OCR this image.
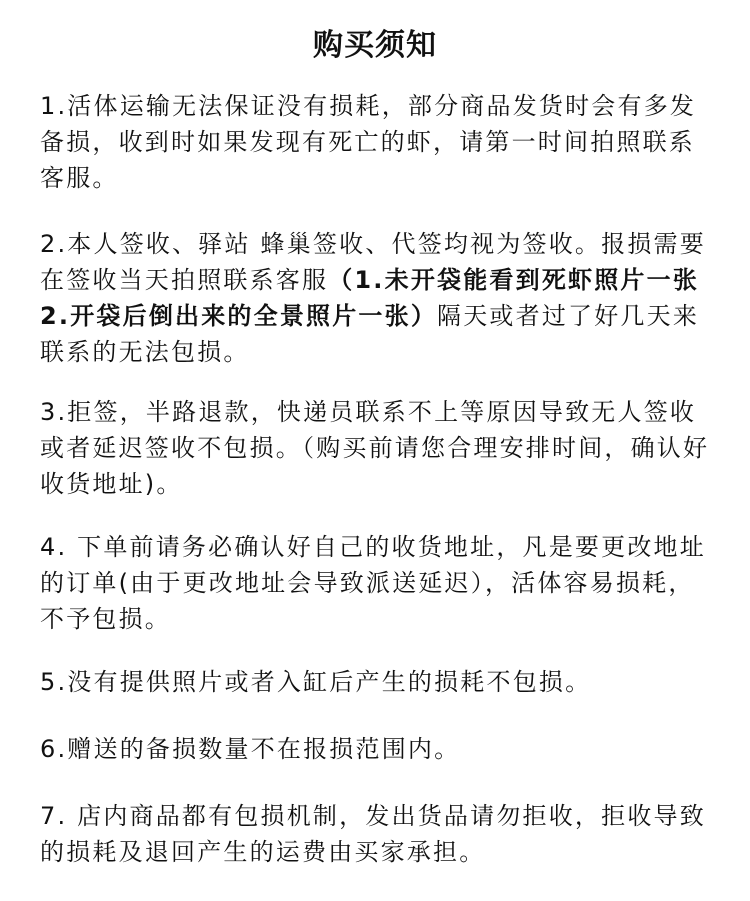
购买须知
1.活体运输无法保证没有损耗，部分商品发货时会有多发备损，收到时如果发现有死亡的虾，请第一时间拍照联系客服。
2.本人签收、驿站 蜂巢签收、代签均视为签收。报损需要在签收当天拍照联系客服（1.未开袋能看到死虾照片一张 2.开袋后倒出来的全景照片一张）隔天或者过了好几天来联系的无法包损。
3.拒签，半路退款，快递员联系不上等原因导致无人签收或者延迟签收不包损。（购买前请您合理安排时间，确认好收货地址)。
4. 下单前请务必确认好自己的收货地址，凡是要更改地址的订单(由于更改地址会导致派送延迟），活体容易损耗，不予包损。
5.没有提供照片或者入缸后产生的损耗不包损。
6.赠送的备损数量不在报损范围内。
7. 店内商品都有包损机制，发出货品请勿拒收，拒收导致的损耗及退回产生的运费由买家承担。
